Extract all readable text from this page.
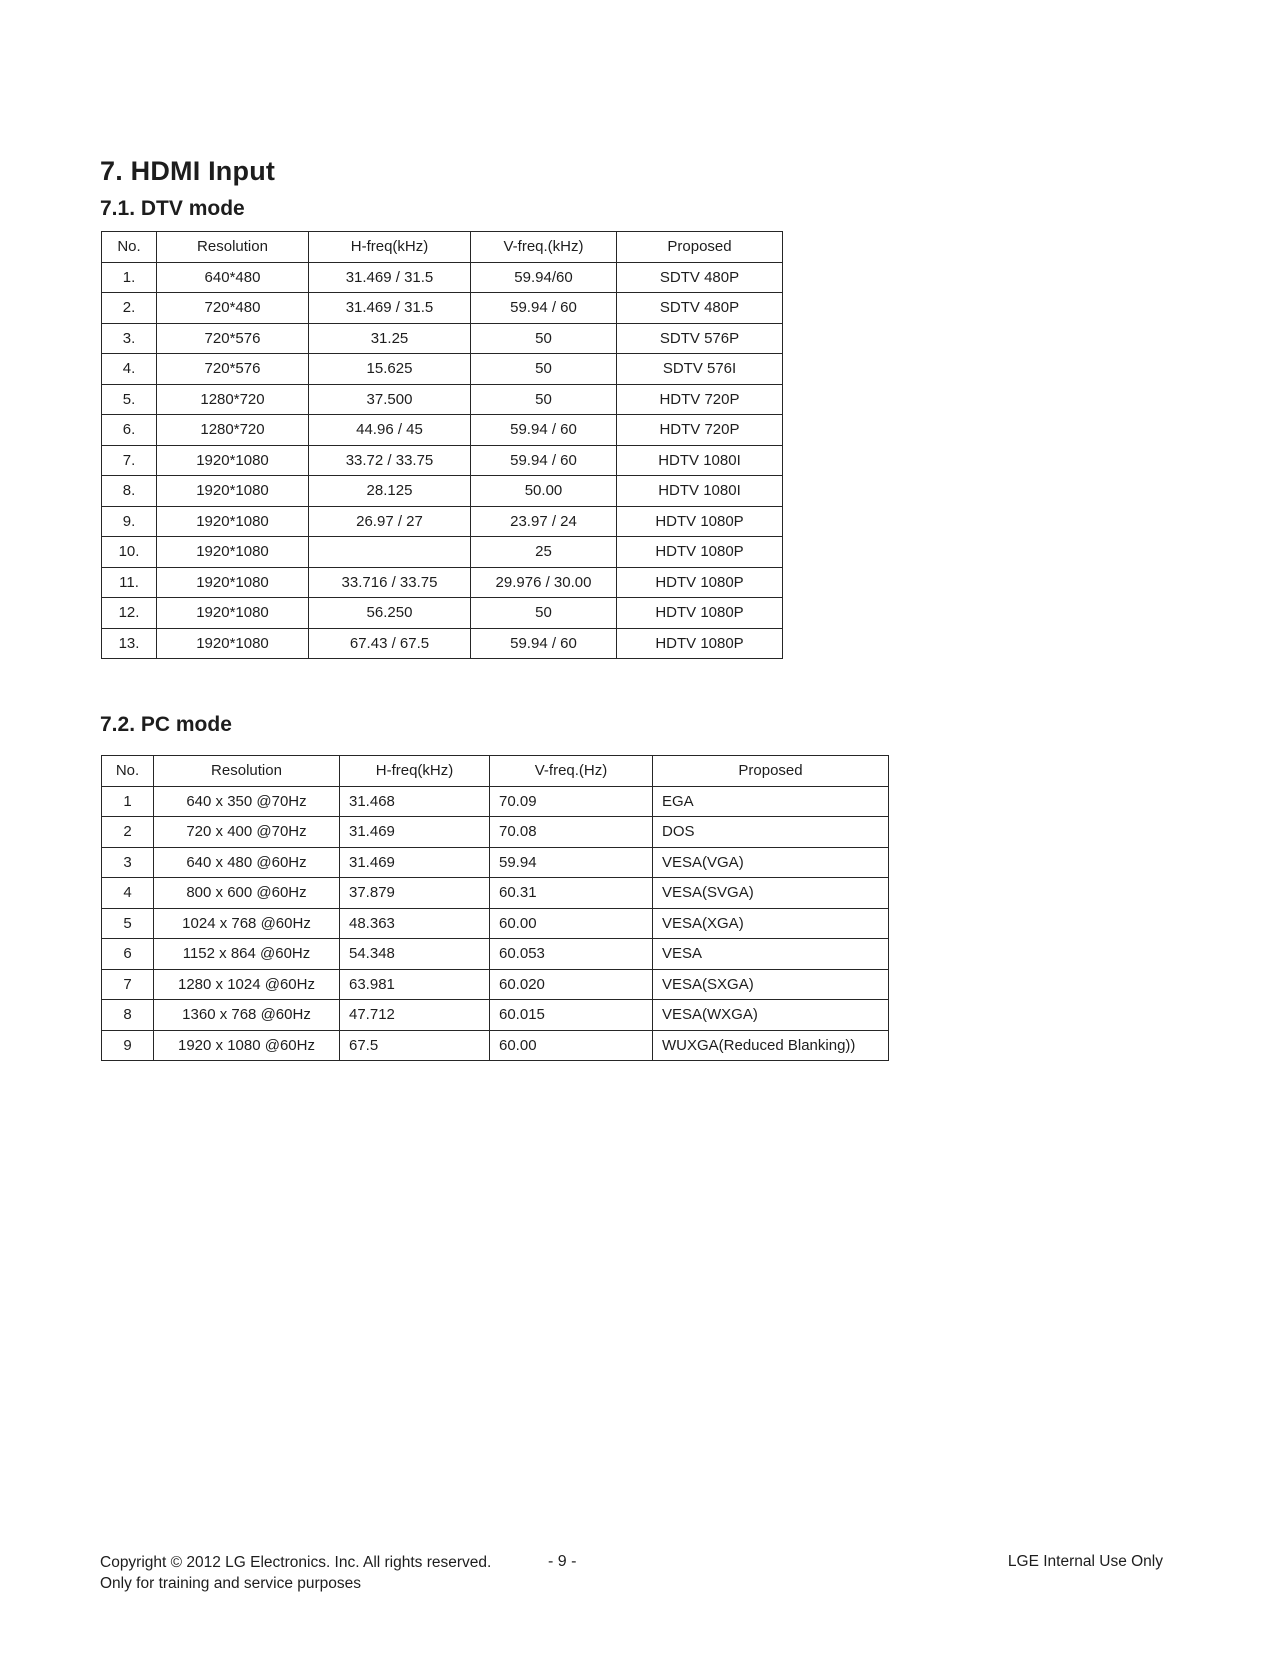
7. HDMI Input
7.1. DTV mode
No.	Resolution	H-freq(kHz)	V-freq.(kHz)	Proposed
1.	640*480	31.469 / 31.5	59.94/60	SDTV 480P
2.	720*480	31.469 / 31.5	59.94 / 60	SDTV 480P
3.	720*576	31.25	50	SDTV 576P
4.	720*576	15.625	50	SDTV 576I
5.	1280*720	37.500	50	HDTV 720P
6.	1280*720	44.96 / 45	59.94 / 60	HDTV 720P
7.	1920*1080	33.72 / 33.75	59.94 / 60	HDTV 1080I
8.	1920*1080	28.125	50.00	HDTV 1080I
9.	1920*1080	26.97 / 27	23.97 / 24	HDTV 1080P
10.	1920*1080		25	HDTV 1080P
11.	1920*1080	33.716 / 33.75	29.976 / 30.00	HDTV 1080P
12.	1920*1080	56.250	50	HDTV 1080P
13.	1920*1080	67.43 / 67.5	59.94 / 60	HDTV 1080P
7.2. PC mode
No.	Resolution	H-freq(kHz)	V-freq.(Hz)	Proposed
1	640 x 350 @70Hz	31.468	70.09	EGA
2	720 x 400 @70Hz	31.469	70.08	DOS
3	640 x 480 @60Hz	31.469	59.94	VESA(VGA)
4	800 x 600 @60Hz	37.879	60.31	VESA(SVGA)
5	1024 x 768 @60Hz	48.363	60.00	VESA(XGA)
6	1152 x 864 @60Hz	54.348	60.053	VESA
7	1280 x 1024 @60Hz	63.981	60.020	VESA(SXGA)
8	1360 x 768 @60Hz	47.712	60.015	VESA(WXGA)
9	1920 x 1080 @60Hz	67.5	60.00	WUXGA(Reduced Blanking))
Copyright © 2012 LG Electronics. Inc. All rights reserved.
Only for training and service purposes
- 9 -	LGE Internal Use Only
